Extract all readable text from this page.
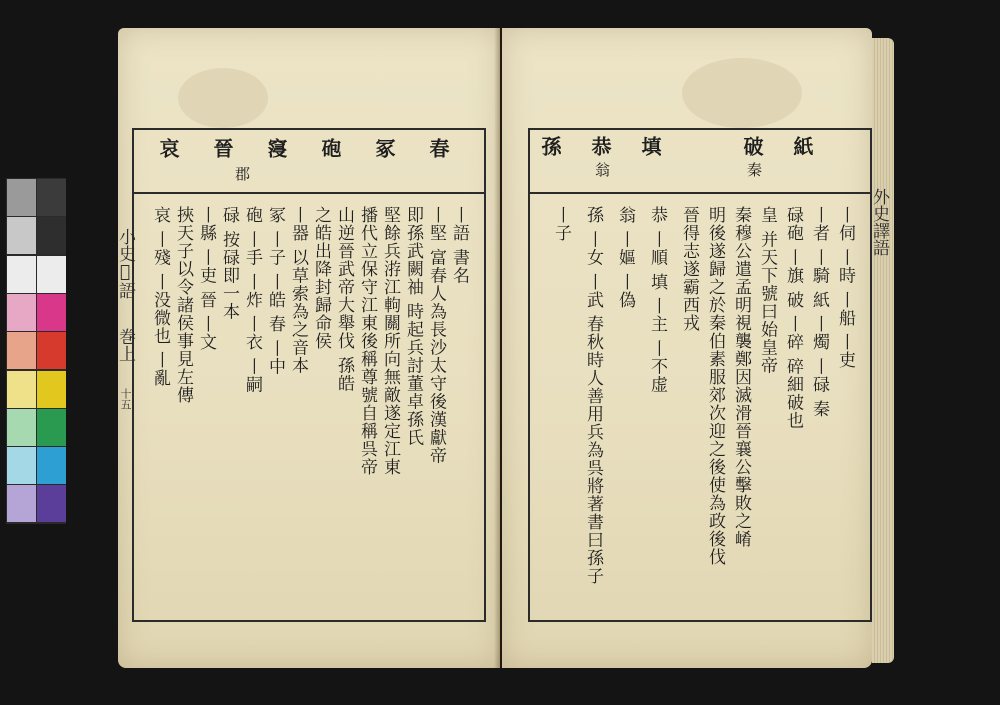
哀 晉 䆮 砲 冢 春
郡
丨語 書名
丨堅 富春人為長沙太守後漢獻帝
即孫武闕䄂 時起兵討董卓孫氏
堅餘兵㳺江軥關所向無敵遂定江東
播代立保守江東後稱尊號自稱呉帝
山逆晉武帝大舉伐 孫皓
之皓出降封歸命侯
丨器 以草索為之音本
冢 丨子 丨皓 春 丨中
砲 丨手 丨炸 丨衣 丨嗣
碌 按碌即一本
丨縣 丨吏 晉 丨文
挾天子以令諸侯事見左傳
哀 丨殘 丨没微也 丨亂
小史𡨕語
巻上
十五
紙
破
填
恭
孫
秦
翁
丨伺 丨時 丨船 丨吏
丨者 丨騎 紙 丨燭 丨碌 秦
碌砲 丨旗 破 丨碎 碎細破也
皇 并天下號曰始皇帝
秦穆公遣孟明視襲鄭因滅滑晉襄公擊敗之崤
明後遂歸之於秦伯素服郊次迎之後使為政後伐
晉得志遂霸西戎
恭 丨順 填 丨主 丨不虚
翁 丨嫗 丨偽
孫 丨女 丨武 春秋時人善用兵為呉將著書曰孫子
丨子	外史譯語
